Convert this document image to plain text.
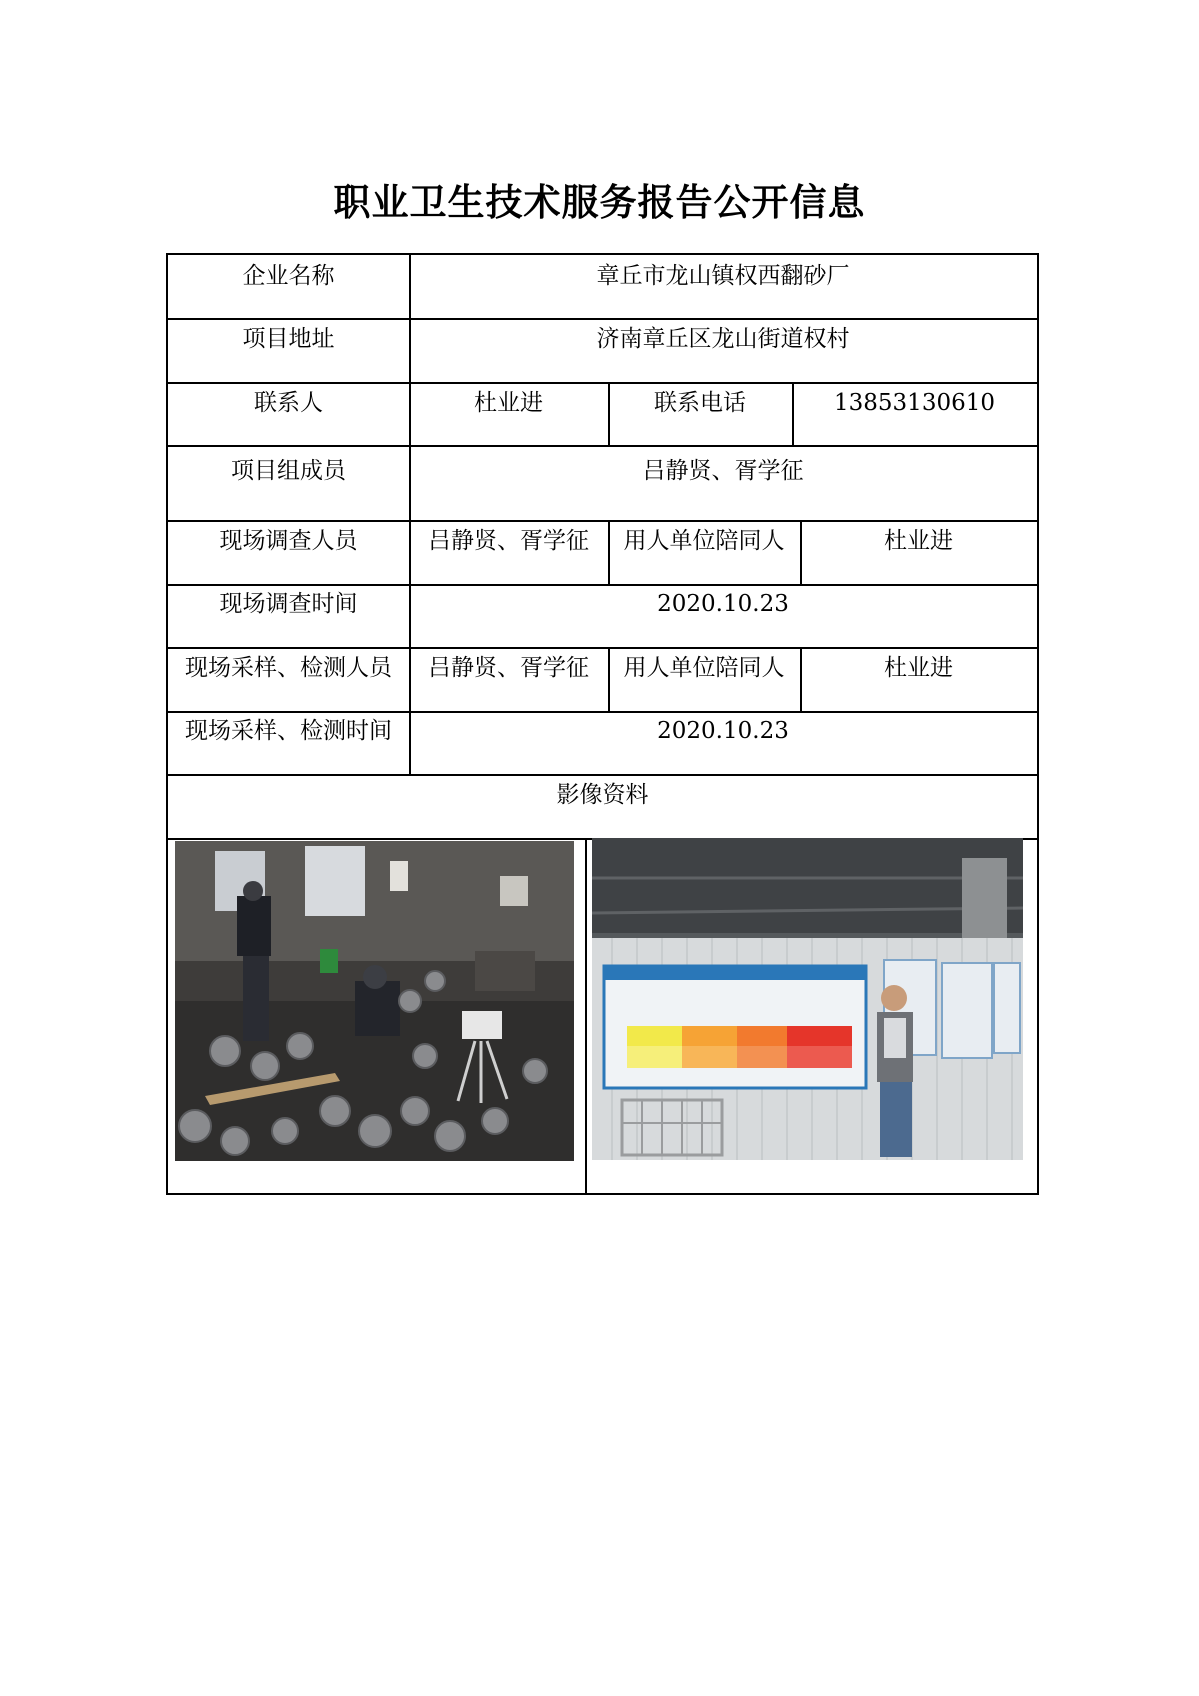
职业卫生技术服务报告公开信息
企业名称	章丘市龙山镇权西翻砂厂
项目地址	济南章丘区龙山街道权村
联系人	杜业进	联系电话	13853130610
项目组成员	吕静贤、胥学征
现场调查人员	吕静贤、胥学征	用人单位陪同人	杜业进
现场调查时间	2020.10.23
现场采样、检测人员	吕静贤、胥学征	用人单位陪同人	杜业进
现场采样、检测时间	2020.10.23
影像资料
